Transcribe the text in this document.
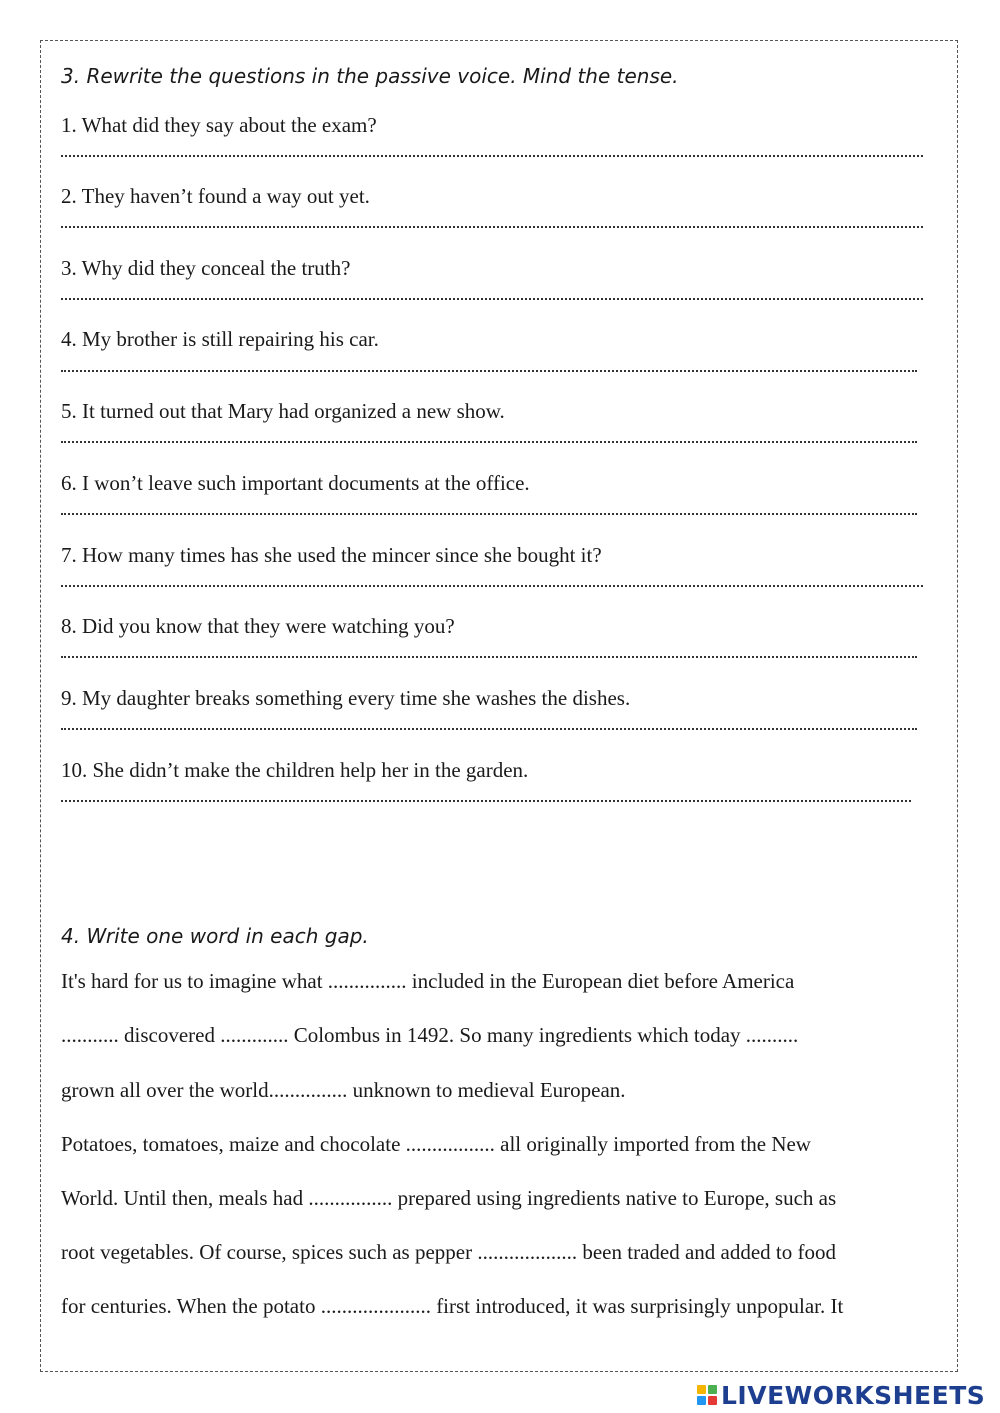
3. Rewrite the questions in the passive voice. Mind the tense.
1. What did they say about the exam?
2. They haven’t found a way out yet.
3. Why did they conceal the truth?
4. My brother is still repairing his car.
5. It turned out that Mary had organized a new show.
6. I won’t leave such important documents at the office.
7. How many times has she used the mincer since she bought it?
8. Did you know that they were watching you?
9. My daughter breaks something every time she washes the dishes.
10. She didn’t make the children help her in the garden.
4. Write one word in each gap.
It's hard for us to imagine what ............... included in the European diet before America
........... discovered ............. Colombus in 1492. So many ingredients which today ..........
grown all over the world............... unknown to medieval European.
Potatoes, tomatoes, maize and chocolate ................. all originally imported from the New
World. Until then, meals had ................ prepared using ingredients native to Europe, such as
root vegetables. Of course, spices such as pepper ................... been traded and added to food
for centuries. When the potato ..................... first introduced, it was surprisingly unpopular. It
LIVEWORKSHEETS
